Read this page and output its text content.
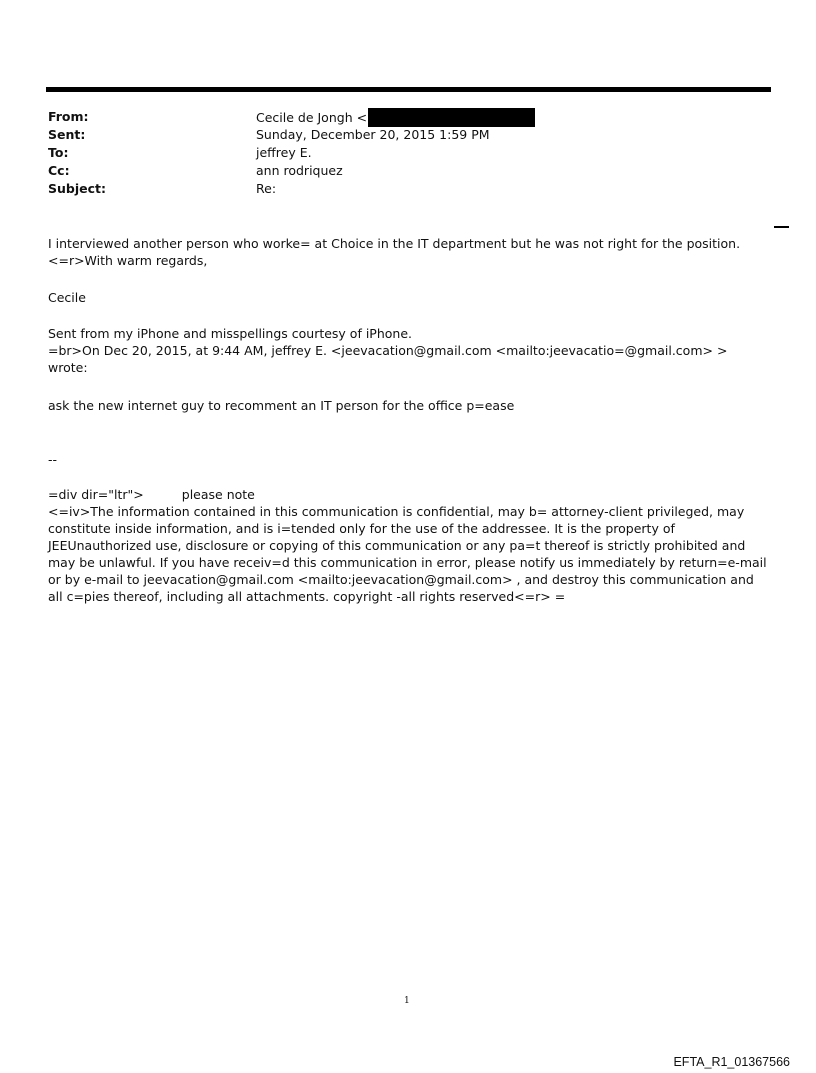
From:	Cecile de Jongh <
Sent:	Sunday, December 20, 2015 1:59 PM
To:	jeffrey E.
Cc:	ann rodriquez
Subject:	Re:

I interviewed another person who worke= at Choice in the IT department but he was not right for the position.

<=r>With warm regards,

Cecile

Sent from my iPhone and misspellings courtesy of iPhone.

=br>On Dec 20, 2015, at 9:44 AM, jeffrey E. <jeevacation@gmail.com <mailto:jeevacatio=@gmail.com> > wrote:

ask the new internet guy to recomment an IT person for the office p=ease

--

=div dir="ltr">	please note

<=iv>The information contained in this communication is confidential, may b= attorney-client privileged, may constitute inside information, and is i=tended only for the use of the addressee. It is the property of JEEUnauthorized use, disclosure or copying of this communication or any pa=t thereof is strictly prohibited and may be unlawful. If you have receiv=d this communication in error, please notify us immediately by return=e-mail or by e-mail to jeevacation@gmail.com <mailto:jeevacation@gmail.com> , and destroy this communication and all c=pies thereof, including all attachments. copyright -all rights reserved<=r> =

1
EFTA_R1_01367566
